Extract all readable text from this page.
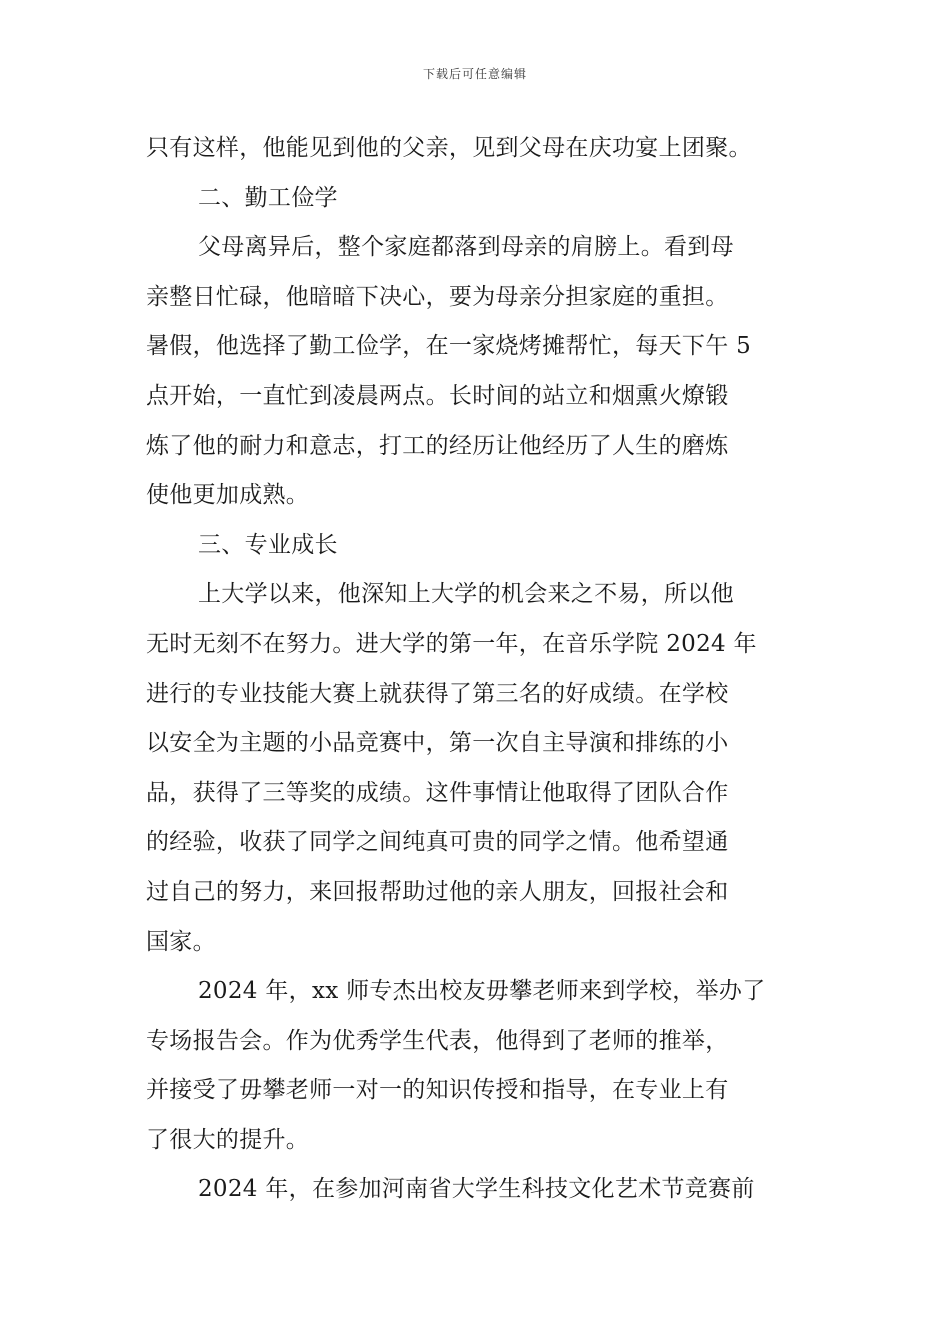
下载后可任意编辑
只有这样，他能见到他的父亲，见到父母在庆功宴上团聚。
二、勤工俭学
父母离异后，整个家庭都落到母亲的肩膀上。看到母
亲整日忙碌，他暗暗下决心，要为母亲分担家庭的重担。
暑假，他选择了勤工俭学，在一家烧烤摊帮忙，每天下午 5
点开始，一直忙到凌晨两点。长时间的站立和烟熏火燎锻
炼了他的耐力和意志，打工的经历让他经历了人生的磨炼
使他更加成熟。
三、专业成长
上大学以来，他深知上大学的机会来之不易，所以他
无时无刻不在努力。进大学的第一年，在音乐学院 2024 年
进行的专业技能大赛上就获得了第三名的好成绩。在学校
以安全为主题的小品竞赛中，第一次自主导演和排练的小
品，获得了三等奖的成绩。这件事情让他取得了团队合作
的经验，收获了同学之间纯真可贵的同学之情。他希望通
过自己的努力，来回报帮助过他的亲人朋友，回报社会和
国家。
2024 年，xx 师专杰出校友毋攀老师来到学校，举办了
专场报告会。作为优秀学生代表，他得到了老师的推举，
并接受了毋攀老师一对一的知识传授和指导，在专业上有
了很大的提升。
2024 年，在参加河南省大学生科技文化艺术节竞赛前
